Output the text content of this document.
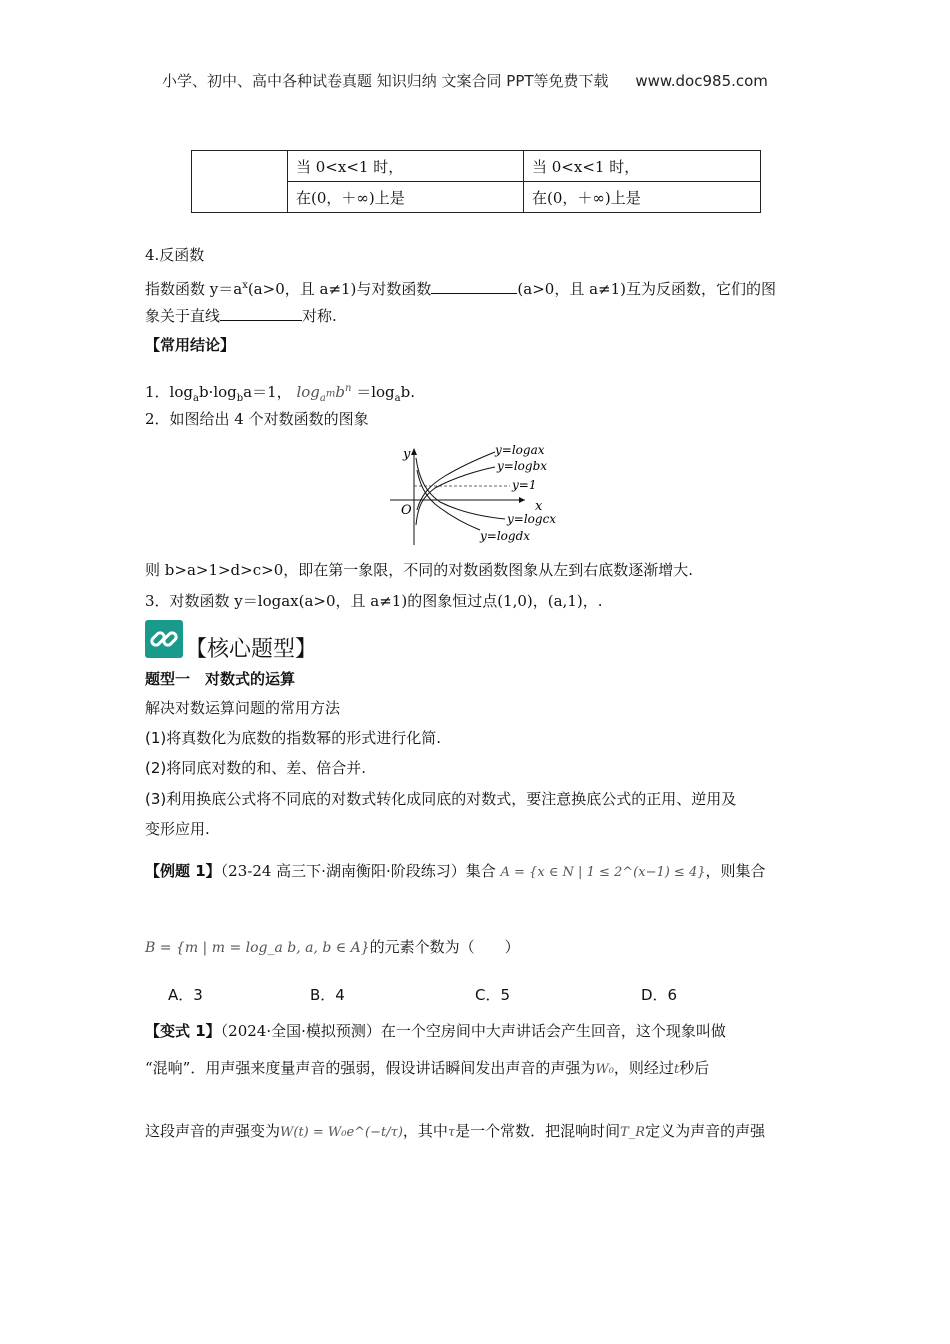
小学、初中、高中各种试卷真题 知识归纳 文案合同 PPT等免费下载 www.doc985.com
	当 0<x<1 时，	当 0<x<1 时，
	在(0，＋∞)上是	在(0，＋∞)上是
4.反函数
指数函数 $y=a^x(a>0$，且 a≠1)与对数函数	(a>0，且 a≠1)互为反函数，它们的图
象关于直线	对称.
【常用结论】
1．$\log_ab\cdot\log_ba=1$， $\log_{a^m}b^n =\log_ab$.
2．如图给出 4 个对数函数的图象
y
x
O
y=logax
y=logbx
y=1
y=logcx
y=logdx
则 b>a>1>d>c>0，即在第一象限，不同的对数函数图象从左到右底数逐渐增大.
3．对数函数 y＝logax(a>0，且 a≠1)的图象恒过点(1,0)，(a,1)，.
【核心题型】
题型一　对数式的运算
解决对数运算问题的常用方法
(1)将真数化为底数的指数幂的形式进行化简.
(2)将同底对数的和、差、倍合并.
(3)利用换底公式将不同底的对数式转化成同底的对数式，要注意换底公式的正用、逆用及
变形应用.
【例题 1】（23-24 高三下·湖南衡阳·阶段练习）集合 A = {x ∈ N | 1 ≤ 2^(x−1) ≤ 4}，则集合
B = {m | m = log_a b, a, b ∈ A}的元素个数为（　　）
A．3	B．4	C．5	D．6
【变式 1】（2024·全国·模拟预测）在一个空房间中大声讲话会产生回音，这个现象叫做
“混响”．用声强来度量声音的强弱，假设讲话瞬间发出声音的声强为W₀，则经过t秒后
这段声音的声强变为W(t) = W₀e^(−t/τ)，其中τ是一个常数．把混响时间T_R定义为声音的声强
